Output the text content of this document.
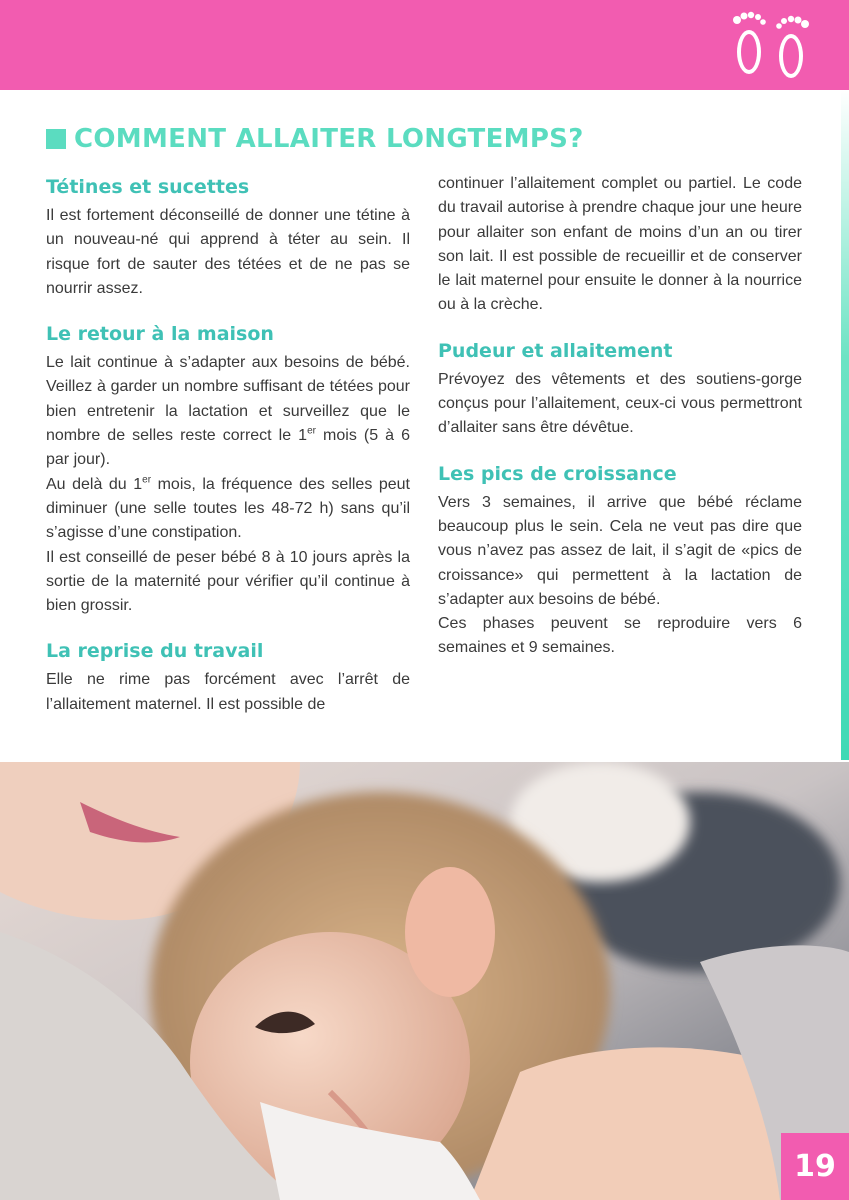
COMMENT ALLAITER LONGTEMPS?
Tétines et sucettes

Il est fortement déconseillé de donner une tétine à un nouveau-né qui apprend à téter au sein. Il risque fort de sauter des tétées et de ne pas se nourrir assez.

Le retour à la maison

Le lait continue à s’adapter aux besoins de bébé. Veillez à garder un nombre suffisant de tétées pour bien entretenir la lactation et surveillez que le nombre de selles reste correct le 1er mois (5 à 6 par jour).

Au delà du 1er mois, la fréquence des selles peut diminuer (une selle toutes les 48-72 h) sans qu’il s’agisse d’une constipation.

Il est conseillé de peser bébé 8 à 10 jours après la sortie de la maternité pour vérifier qu’il continue à bien grossir.

La reprise du travail

Elle ne rime pas forcément avec l’arrêt de l’allaitement maternel. Il est possible de

continuer l’allaitement complet ou partiel. Le code du travail autorise à prendre chaque jour une heure pour allaiter son enfant de moins d’un an ou tirer son lait. Il est possible de recueillir et de conserver le lait maternel pour ensuite le donner à la nourrice ou à la crèche.

Pudeur et allaitement

Prévoyez des vêtements et des soutiens-gorge conçus pour l’allaitement, ceux-ci vous permettront d’allaiter sans être dévêtue.

Les pics de croissance

Vers 3 semaines, il arrive que bébé réclame beaucoup plus le sein. Cela ne veut pas dire que vous n’avez pas assez de lait, il s’agit de «pics de croissance» qui permettent à la lactation de s’adapter aux besoins de bébé.

Ces phases peuvent se reproduire vers 6 semaines et 9 semaines.

19
